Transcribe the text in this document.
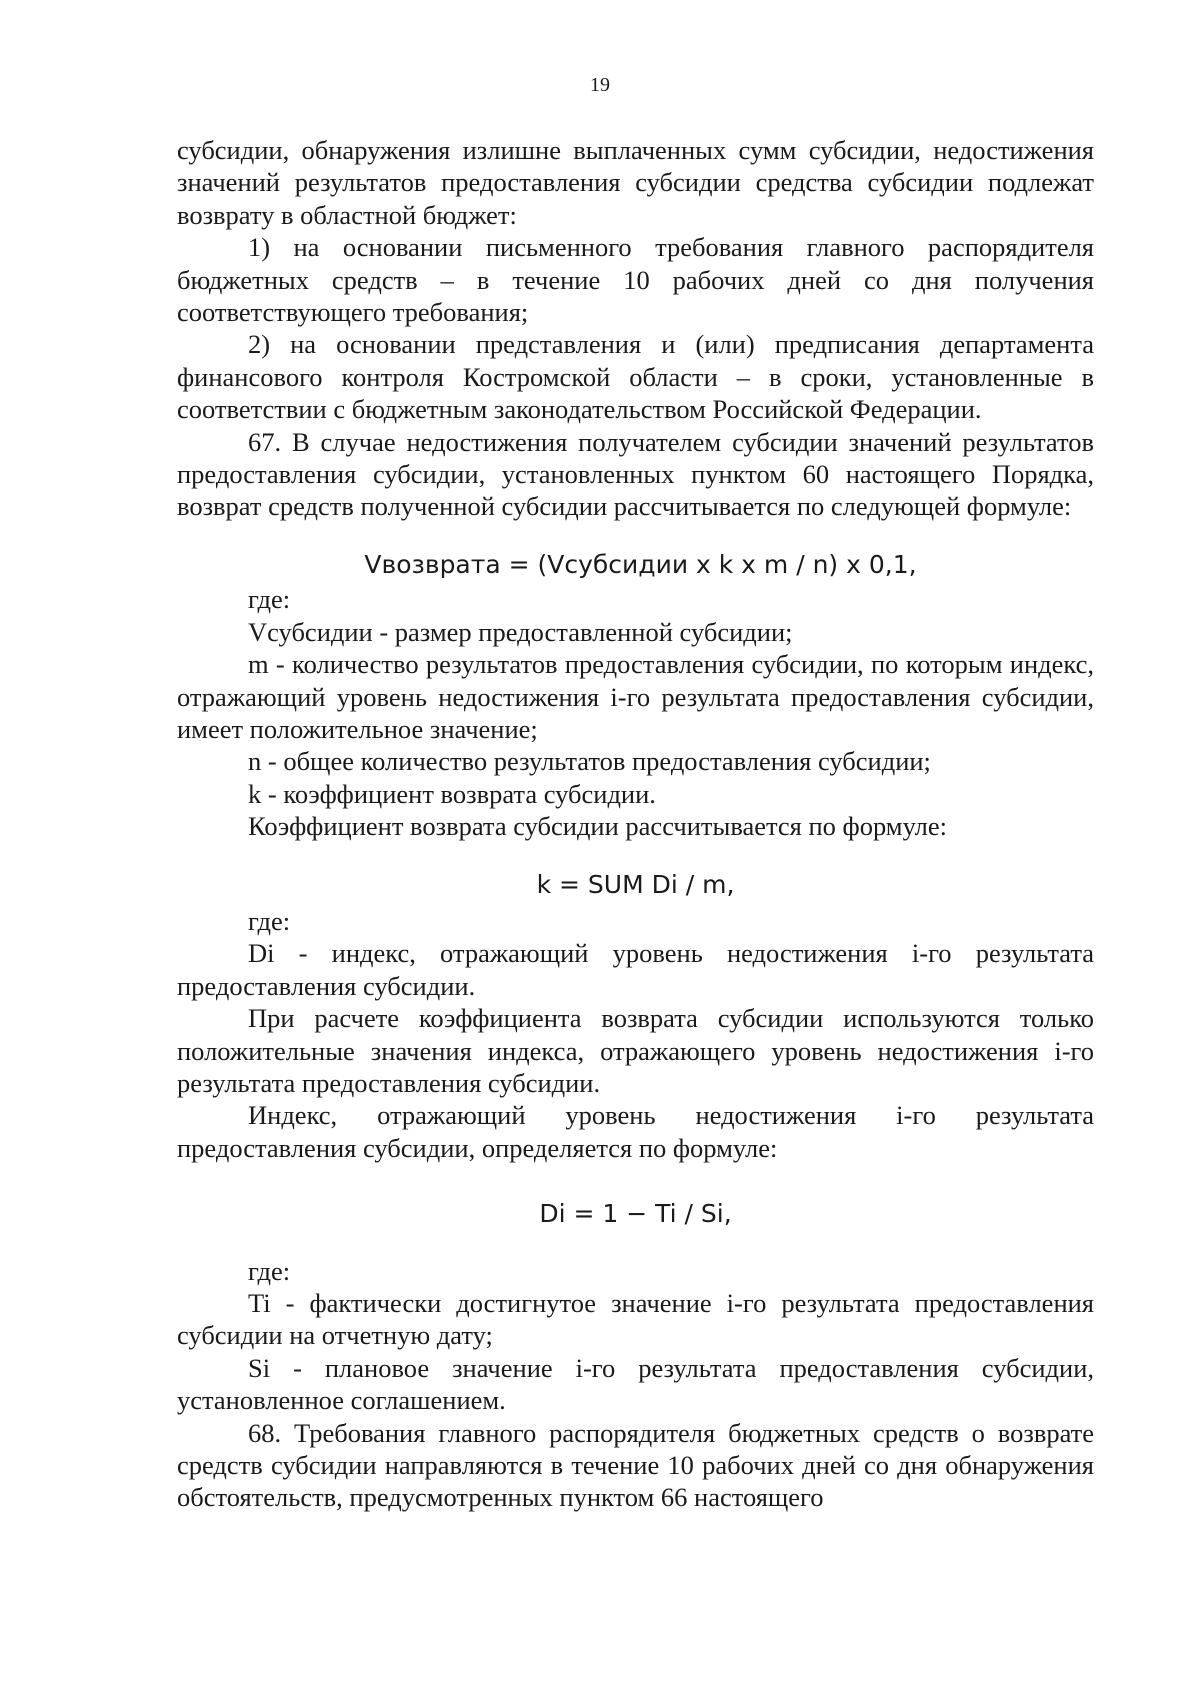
19

субсидии, обнаружения излишне выплаченных сумм субсидии, недостижения значений результатов предоставления субсидии средства субсидии подлежат возврату в областной бюджет:

1) на основании письменного требования главного распорядителя бюджетных средств – в течение 10 рабочих дней со дня получения соответствующего требования;

2) на основании представления и (или) предписания департамента финансового контроля Костромской области – в сроки, установленные в соответствии с бюджетным законодательством Российской Федерации.

67. В случае недостижения получателем субсидии значений результатов предоставления субсидии, установленных пунктом 60 настоящего Порядка, возврат средств полученной субсидии рассчитывается по следующей формуле:

Vвозврата = (Vсубсидии x k x m / n) x 0,1,

где:

Vсубсидии - размер предоставленной субсидии;

m - количество результатов предоставления субсидии, по которым индекс, отражающий уровень недостижения i-го результата предоставления субсидии, имеет положительное значение;

n - общее количество результатов предоставления субсидии;

k - коэффициент возврата субсидии.

Коэффициент возврата субсидии рассчитывается по формуле:

k = SUM Di / m,

где:

Di - индекс, отражающий уровень недостижения i-го результата предоставления субсидии.

При расчете коэффициента возврата субсидии используются только положительные значения индекса, отражающего уровень недостижения i-го результата предоставления субсидии.

Индекс, отражающий уровень недостижения i-го результата предоставления субсидии, определяется по формуле:

Di = 1 − Ti / Si,

где:

Ti - фактически достигнутое значение i-го результата предоставления субсидии на отчетную дату;

Si - плановое значение i-го результата предоставления субсидии, установленное соглашением.

68. Требования главного распорядителя бюджетных средств о возврате средств субсидии направляются в течение 10 рабочих дней со дня обнаружения обстоятельств, предусмотренных пунктом 66 настоящего
